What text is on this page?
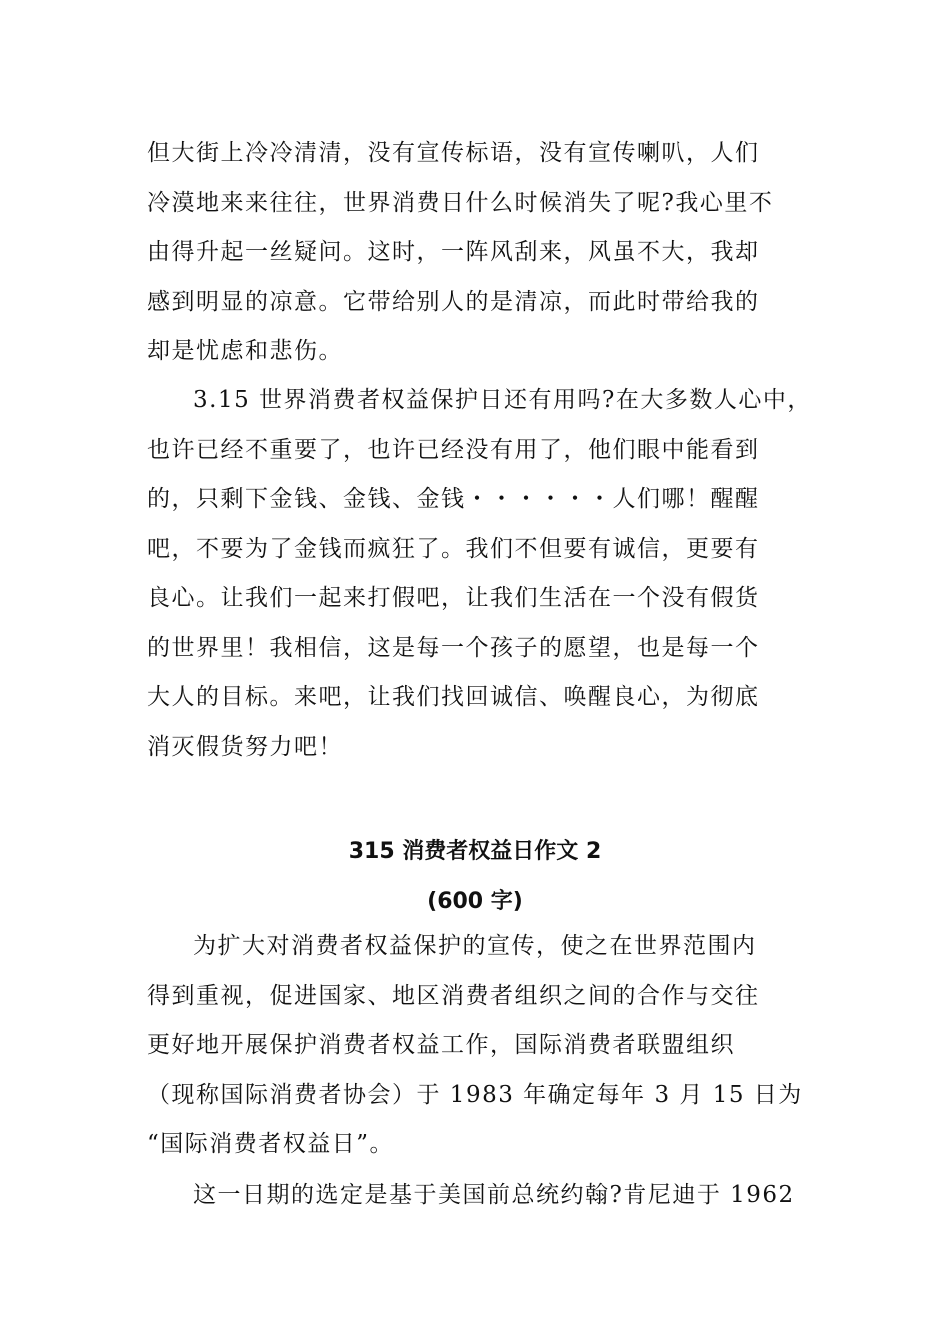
但大街上冷冷清清，没有宣传标语，没有宣传喇叭，人们
冷漠地来来往往，世界消费日什么时候消失了呢?我心里不
由得升起一丝疑问。这时，一阵风刮来，风虽不大，我却
感到明显的凉意。它带给别人的是清凉，而此时带给我的
却是忧虑和悲伤。
3.15 世界消费者权益保护日还有用吗?在大多数人心中，
也许已经不重要了，也许已经没有用了，他们眼中能看到
的，只剩下金钱、金钱、金钱・・・・・・人们哪！醒醒
吧，不要为了金钱而疯狂了。我们不但要有诚信，更要有
良心。让我们一起来打假吧，让我们生活在一个没有假货
的世界里！我相信，这是每一个孩子的愿望，也是每一个
大人的目标。来吧，让我们找回诚信、唤醒良心，为彻底
消灭假货努力吧！
315 消费者权益日作文 2
(600 字)
为扩大对消费者权益保护的宣传，使之在世界范围内
得到重视，促进国家、地区消费者组织之间的合作与交往
更好地开展保护消费者权益工作，国际消费者联盟组织
（现称国际消费者协会）于 1983 年确定每年 3 月 15 日为
“国际消费者权益日”。
这一日期的选定是基于美国前总统约翰?肯尼迪于 1962
